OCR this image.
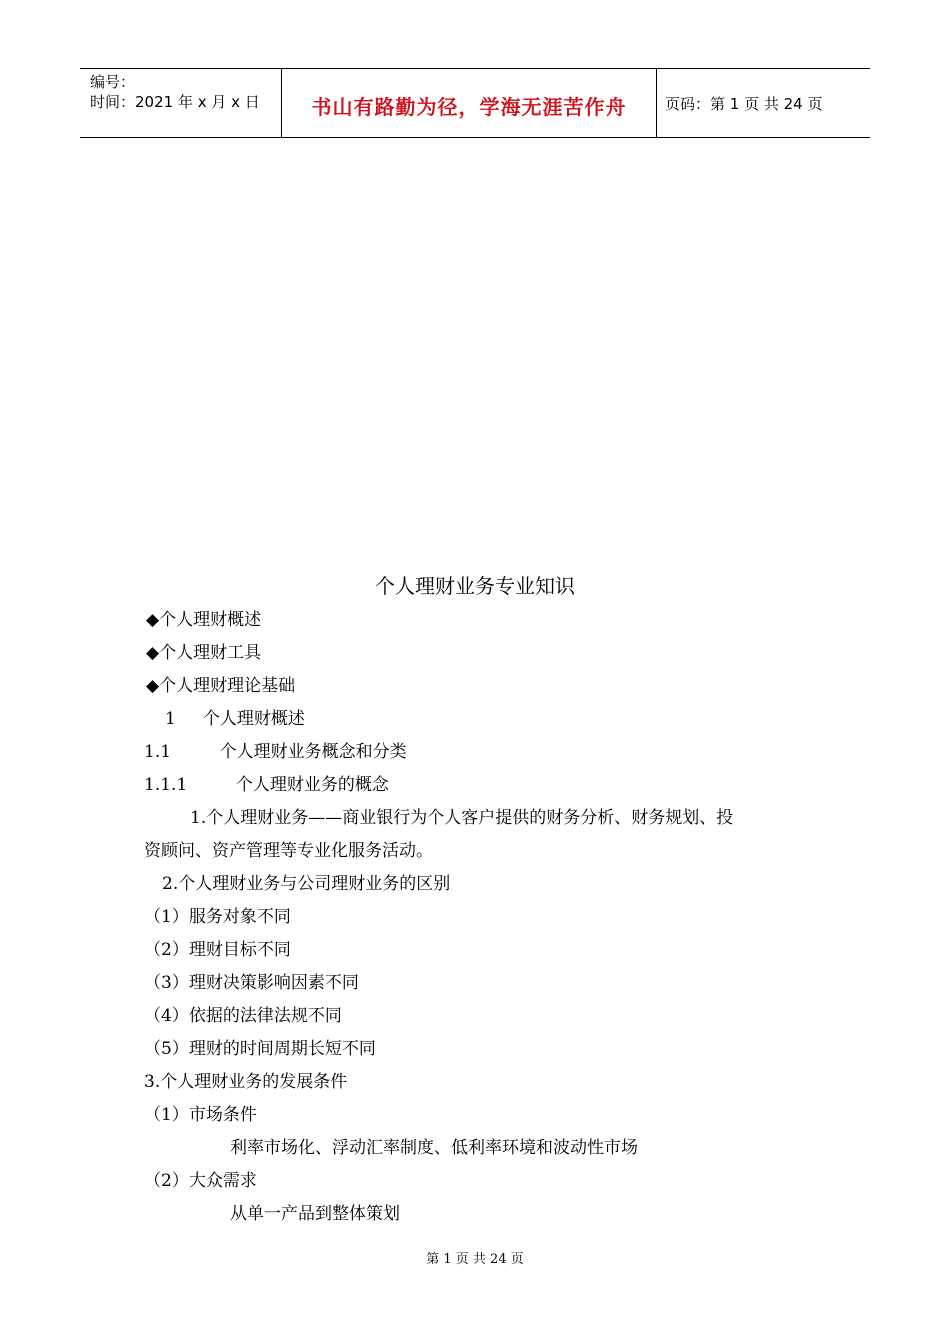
编号：
时间：2021 年 x 月 x 日	书山有路勤为径，学海无涯苦作舟	页码：第 1 页 共 24 页
个人理财业务专业知识
◆个人理财概述
◆个人理财工具
◆个人理财理论基础
1     个人理财概述
1.1         个人理财业务概念和分类
1.1.1         个人理财业务的概念
1.个人理财业务——商业银行为个人客户提供的财务分析、财务规划、投
资顾问、资产管理等专业化服务活动。
2.个人理财业务与公司理财业务的区别
（1）服务对象不同
（2）理财目标不同
（3）理财决策影响因素不同
（4）依据的法律法规不同
（5）理财的时间周期长短不同
3.个人理财业务的发展条件
（1）市场条件
利率市场化、浮动汇率制度、低利率环境和波动性市场
（2）大众需求
从单一产品到整体策划
第 1 页 共 24 页
